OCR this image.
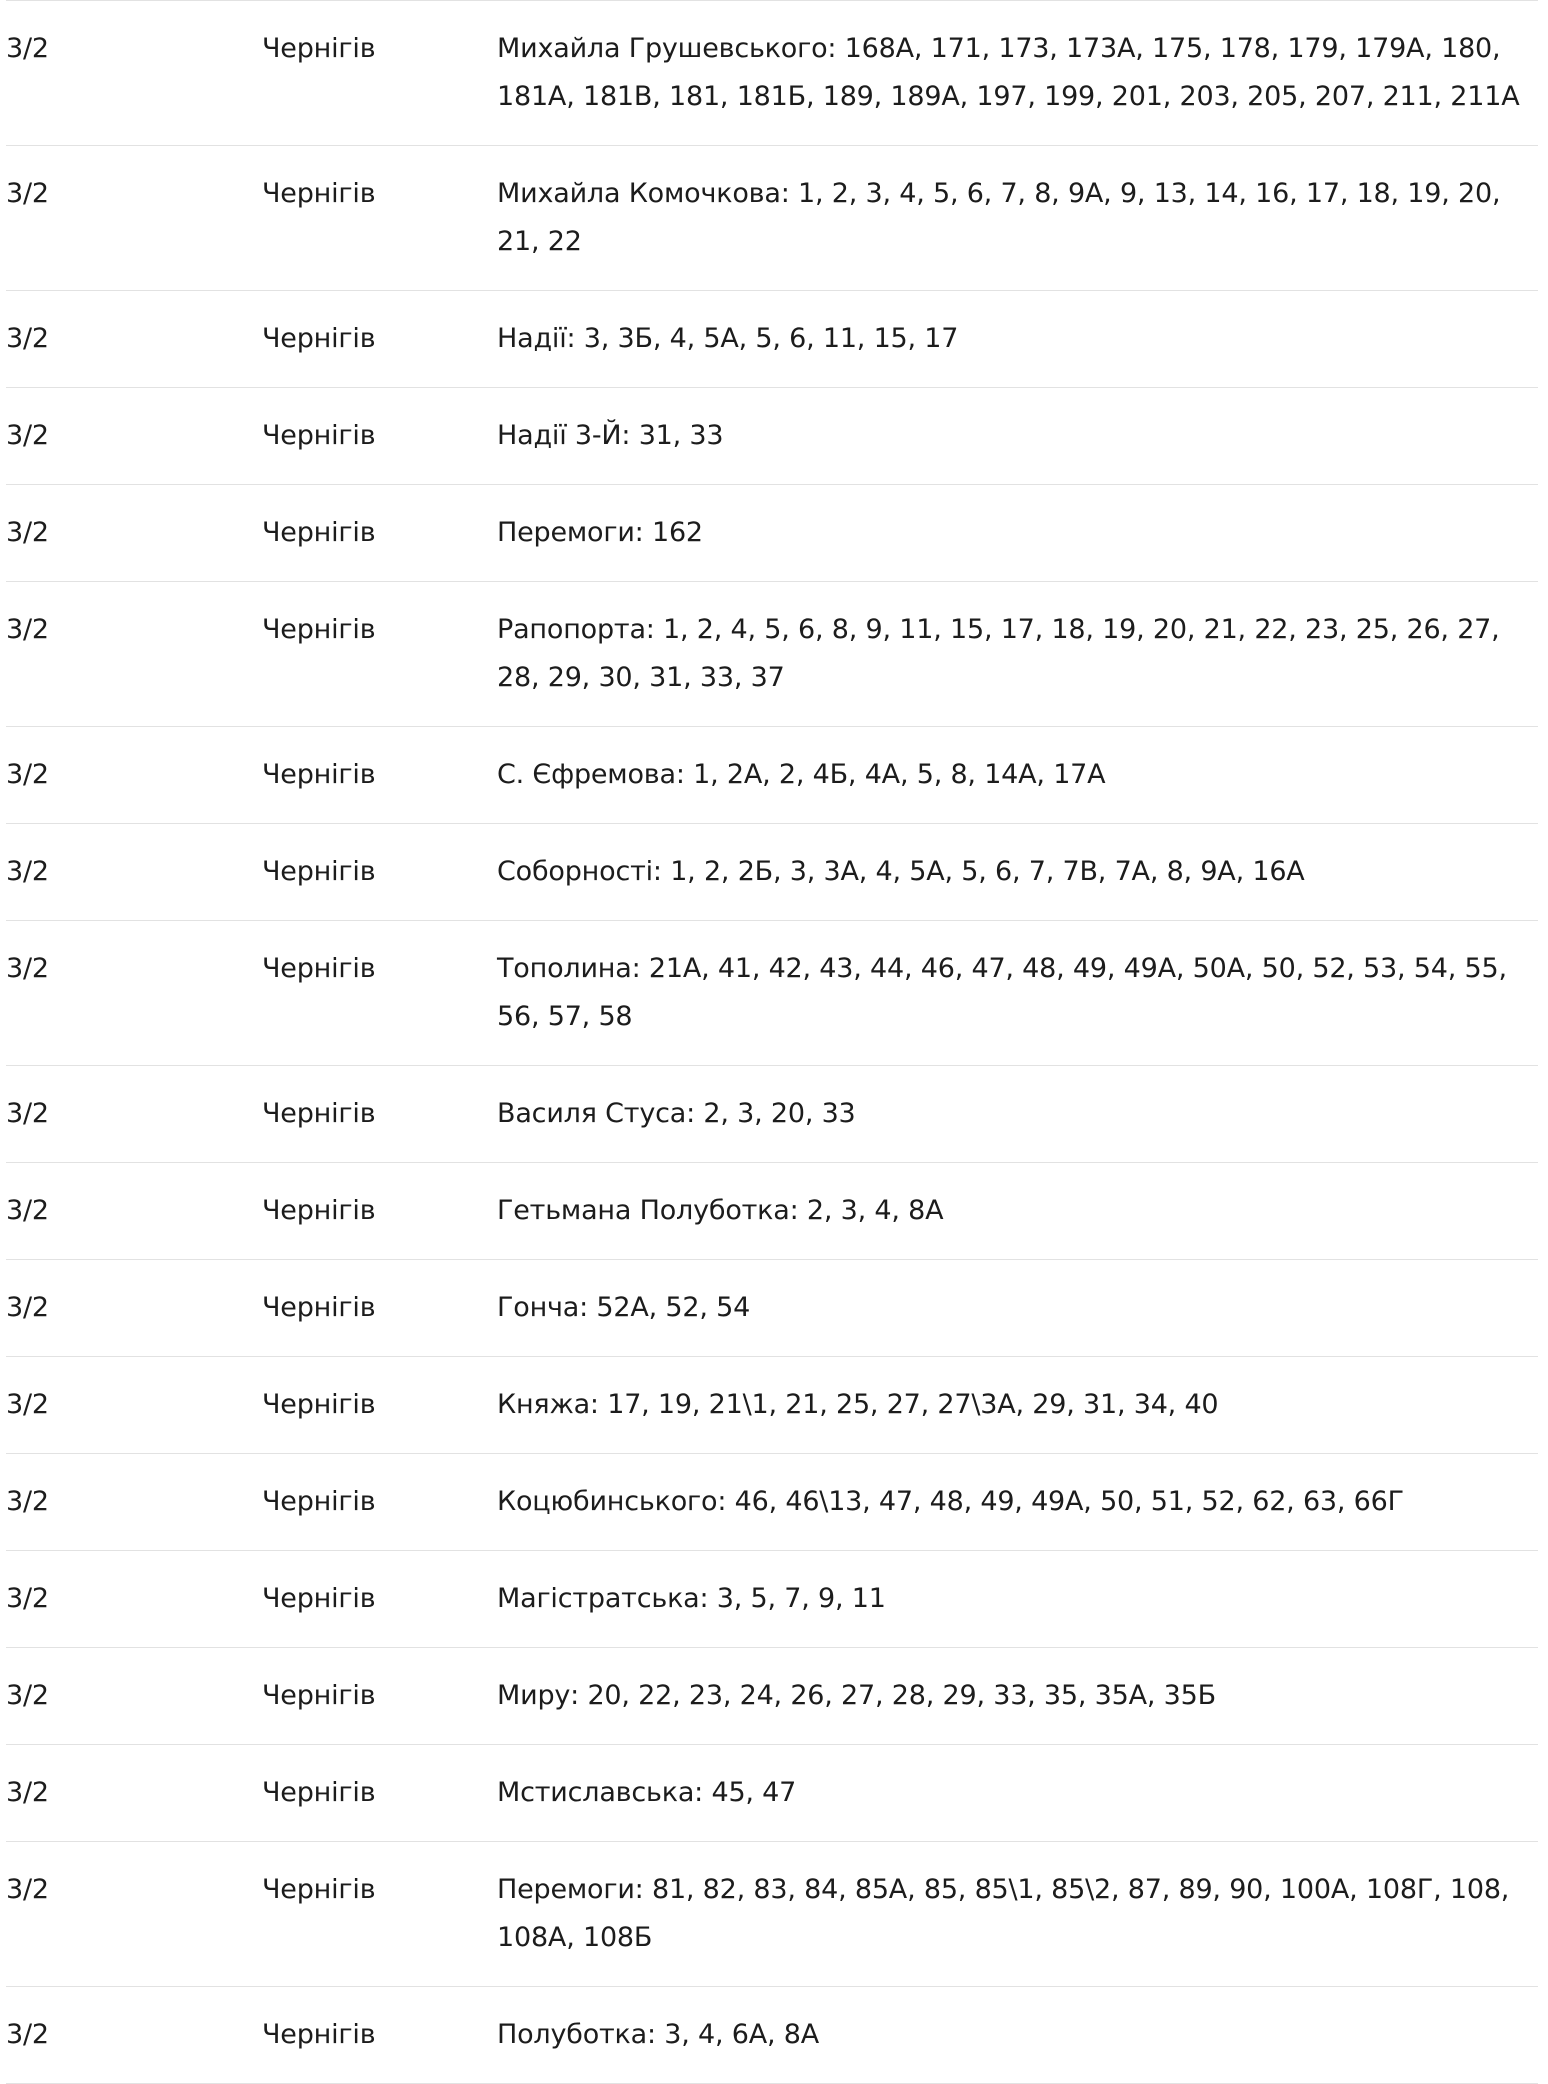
3/2	Чернігів	Михайла Грушевського: 168А, 171, 173, 173А, 175, 178, 179, 179А, 180, 181А, 181В, 181, 181Б, 189, 189А, 197, 199, 201, 203, 205, 207, 211, 211А
3/2	Чернігів	Михайла Комочкова: 1, 2, 3, 4, 5, 6, 7, 8, 9А, 9, 13, 14, 16, 17, 18, 19, 20, 21, 22
3/2	Чернігів	Надії: 3, 3Б, 4, 5А, 5, 6, 11, 15, 17
3/2	Чернігів	Надії 3-Й: 31, 33
3/2	Чернігів	Перемоги: 162
3/2	Чернігів	Рапопорта: 1, 2, 4, 5, 6, 8, 9, 11, 15, 17, 18, 19, 20, 21, 22, 23, 25, 26, 27, 28, 29, 30, 31, 33, 37
3/2	Чернігів	С. Єфремова: 1, 2А, 2, 4Б, 4А, 5, 8, 14А, 17А
3/2	Чернігів	Соборності: 1, 2, 2Б, 3, 3А, 4, 5А, 5, 6, 7, 7В, 7А, 8, 9А, 16А
3/2	Чернігів	Тополина: 21А, 41, 42, 43, 44, 46, 47, 48, 49, 49А, 50А, 50, 52, 53, 54, 55, 56, 57, 58
3/2	Чернігів	Василя Стуса: 2, 3, 20, 33
3/2	Чернігів	Гетьмана Полуботка: 2, 3, 4, 8А
3/2	Чернігів	Гонча: 52А, 52, 54
3/2	Чернігів	Княжа: 17, 19, 21\1, 21, 25, 27, 27\3А, 29, 31, 34, 40
3/2	Чернігів	Коцюбинського: 46, 46\13, 47, 48, 49, 49А, 50, 51, 52, 62, 63, 66Г
3/2	Чернігів	Магістратська: 3, 5, 7, 9, 11
3/2	Чернігів	Миру: 20, 22, 23, 24, 26, 27, 28, 29, 33, 35, 35А, 35Б
3/2	Чернігів	Мстиславська: 45, 47
3/2	Чернігів	Перемоги: 81, 82, 83, 84, 85А, 85, 85\1, 85\2, 87, 89, 90, 100А, 108Г, 108, 108А, 108Б
3/2	Чернігів	Полуботка: 3, 4, 6А, 8А
